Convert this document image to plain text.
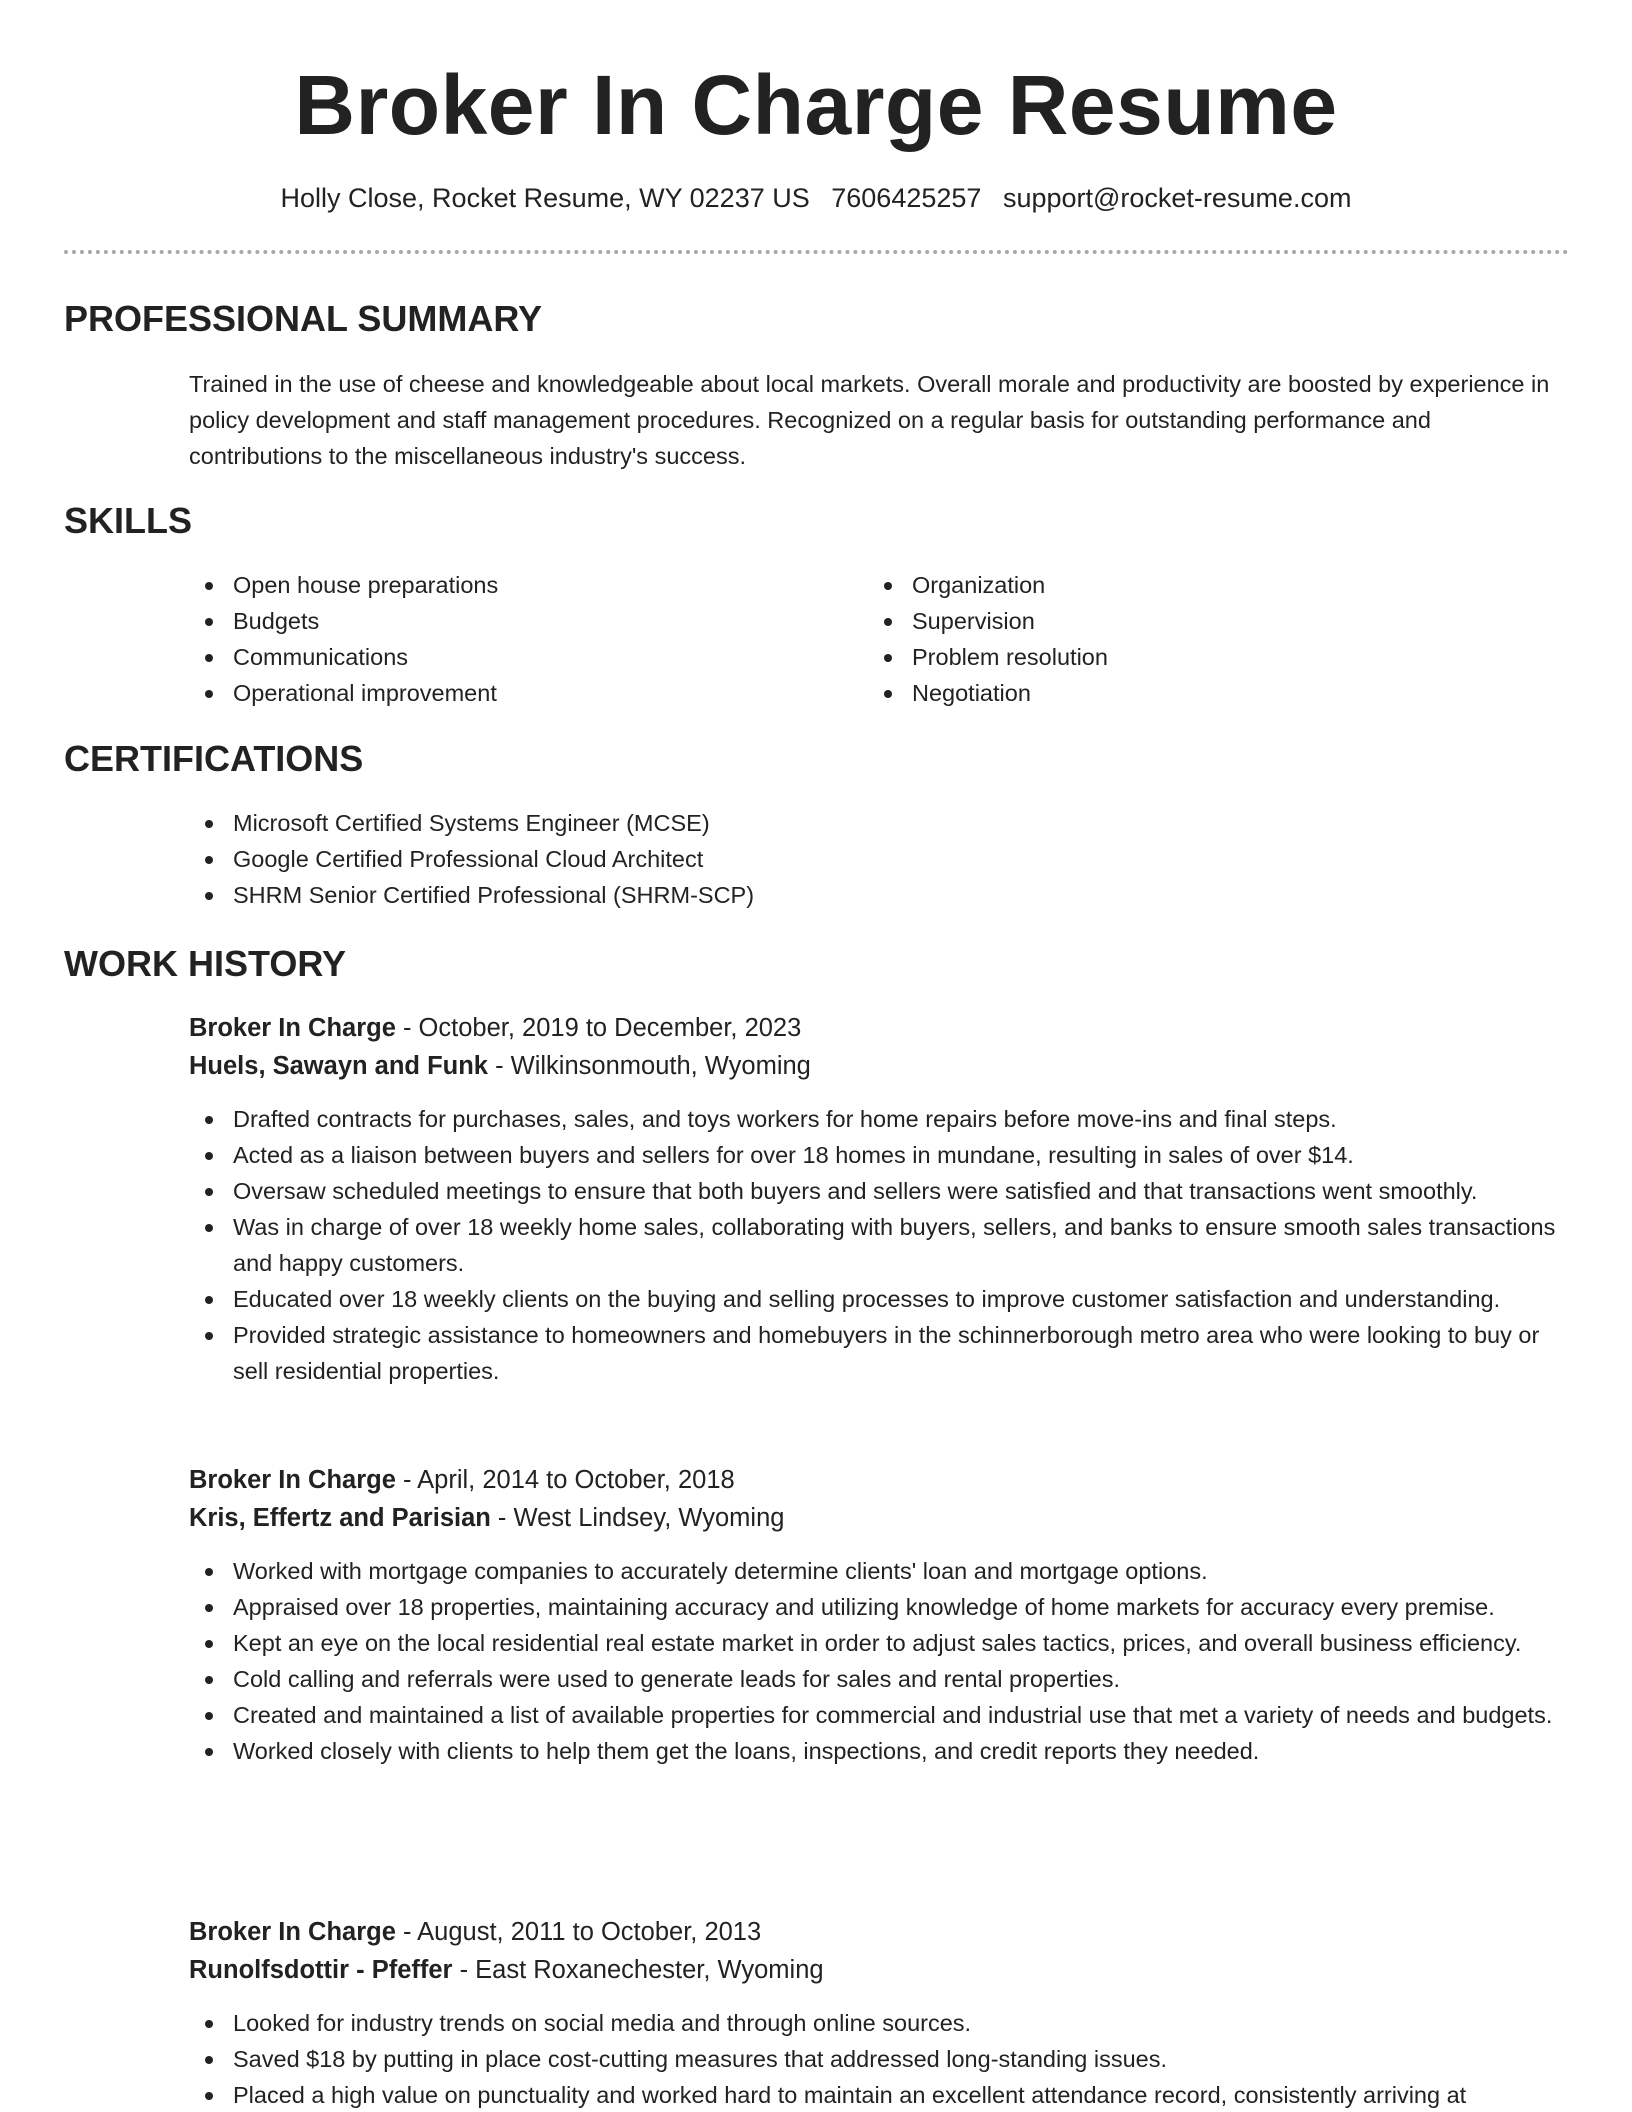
Broker In Charge Resume
Holly Close, Rocket Resume, WY 02237 US 7606425257 support@rocket-resume.com
PROFESSIONAL SUMMARY

Trained in the use of cheese and knowledgeable about local markets. Overall morale and productivity are boosted by experience in policy development and staff management procedures. Recognized on a regular basis for outstanding performance and contributions to the miscellaneous industry's success.

SKILLS
Open house preparations
Budgets
Communications
Operational improvement
Organization
Supervision
Problem resolution
Negotiation
CERTIFICATIONS
Microsoft Certified Systems Engineer (MCSE)
Google Certified Professional Cloud Architect
SHRM Senior Certified Professional (SHRM-SCP)
WORK HISTORY

Broker In Charge - October, 2019 to December, 2023

Huels, Sawayn and Funk - Wilkinsonmouth, Wyoming

Drafted contracts for purchases, sales, and toys workers for home repairs before move-ins and final steps.
Acted as a liaison between buyers and sellers for over 18 homes in mundane, resulting in sales of over $14.
Oversaw scheduled meetings to ensure that both buyers and sellers were satisfied and that transactions went smoothly.
Was in charge of over 18 weekly home sales, collaborating with buyers, sellers, and banks to ensure smooth sales transactions and happy customers.
Educated over 18 weekly clients on the buying and selling processes to improve customer satisfaction and understanding.
Provided strategic assistance to homeowners and homebuyers in the schinnerborough metro area who were looking to buy or sell residential properties.

Broker In Charge - April, 2014 to October, 2018

Kris, Effertz and Parisian - West Lindsey, Wyoming

Worked with mortgage companies to accurately determine clients' loan and mortgage options.
Appraised over 18 properties, maintaining accuracy and utilizing knowledge of home markets for accuracy every premise.
Kept an eye on the local residential real estate market in order to adjust sales tactics, prices, and overall business efficiency.
Cold calling and referrals were used to generate leads for sales and rental properties.
Created and maintained a list of available properties for commercial and industrial use that met a variety of needs and budgets.
Worked closely with clients to help them get the loans, inspections, and credit reports they needed.

Broker In Charge - August, 2011 to October, 2013

Runolfsdottir - Pfeffer - East Roxanechester, Wyoming

Looked for industry trends on social media and through online sources.
Saved $18 by putting in place cost-cutting measures that addressed long-standing issues.
Placed a high value on punctuality and worked hard to maintain an excellent attendance record, consistently arriving at
